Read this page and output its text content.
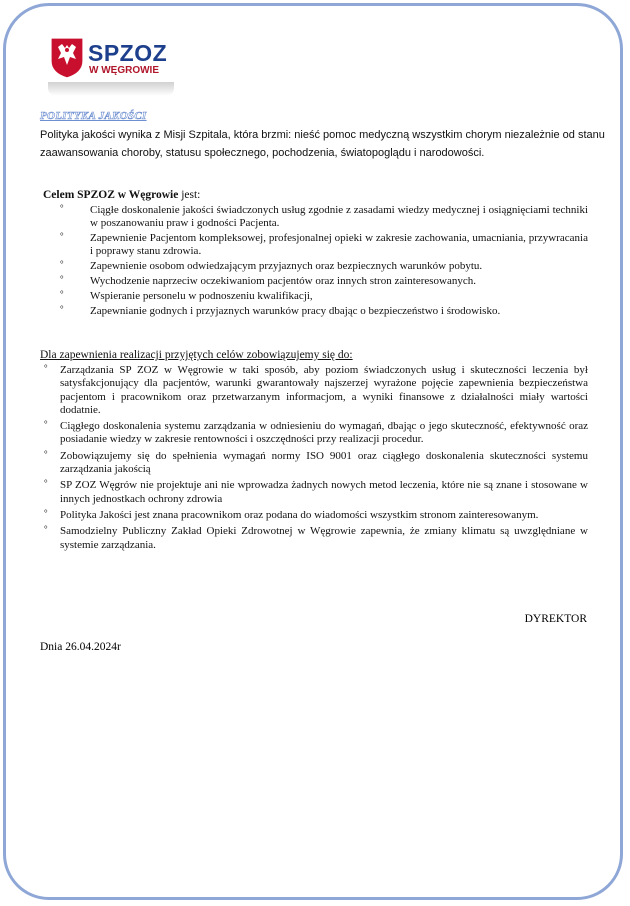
SPZOZ
W WĘGROWIE
POLITYKA JAKOŚCI
Polityka jakości wynika z Misji Szpitala, która brzmi: nieść pomoc medyczną wszystkim chorym niezależnie od stanu zaawansowania choroby, statusu społecznego, pochodzenia, światopoglądu i narodowości.
Celem SPZOZ w Węgrowie jest:
° Ciągłe doskonalenie jakości świadczonych usług zgodnie z zasadami wiedzy medycznej i osiągnięciami techniki w poszanowaniu praw i godności Pacjenta.
° Zapewnienie Pacjentom kompleksowej, profesjonalnej opieki w zakresie zachowania, umacniania, przywracania i poprawy stanu zdrowia.
° Zapewnienie osobom odwiedzającym przyjaznych oraz bezpiecznych warunków pobytu.
° Wychodzenie naprzeciw oczekiwaniom pacjentów oraz innych stron zainteresowanych.
° Wspieranie personelu w podnoszeniu kwalifikacji,
° Zapewnianie godnych i przyjaznych warunków pracy dbając o bezpieczeństwo i środowisko.
Dla zapewnienia realizacji przyjętych celów zobowiązujemy się do:
° Zarządzania SP ZOZ w Węgrowie w taki sposób, aby poziom świadczonych usług i skuteczności leczenia był satysfakcjonujący dla pacjentów, warunki gwarantowały najszerzej wyrażone pojęcie zapewnienia bezpieczeństwa pacjentom i pracownikom oraz przetwarzanym informacjom, a wyniki finansowe z działalności miały wartości dodatnie.
° Ciągłego doskonalenia systemu zarządzania w odniesieniu do wymagań, dbając o jego skuteczność, efektywność oraz posiadanie wiedzy w zakresie rentowności i oszczędności przy realizacji procedur.
° Zobowiązujemy się do spełnienia wymagań normy ISO 9001 oraz ciągłego doskonalenia skuteczności systemu zarządzania jakością
° SP ZOZ Węgrów nie projektuje ani nie wprowadza żadnych nowych metod leczenia, które nie są znane i stosowane w innych jednostkach ochrony zdrowia
° Polityka Jakości jest znana pracownikom oraz podana do wiadomości wszystkim stronom zainteresowanym.
° Samodzielny Publiczny Zakład Opieki Zdrowotnej w Węgrowie zapewnia, że zmiany klimatu są uwzględniane w systemie zarządzania.
DYREKTOR
Dnia 26.04.2024r
